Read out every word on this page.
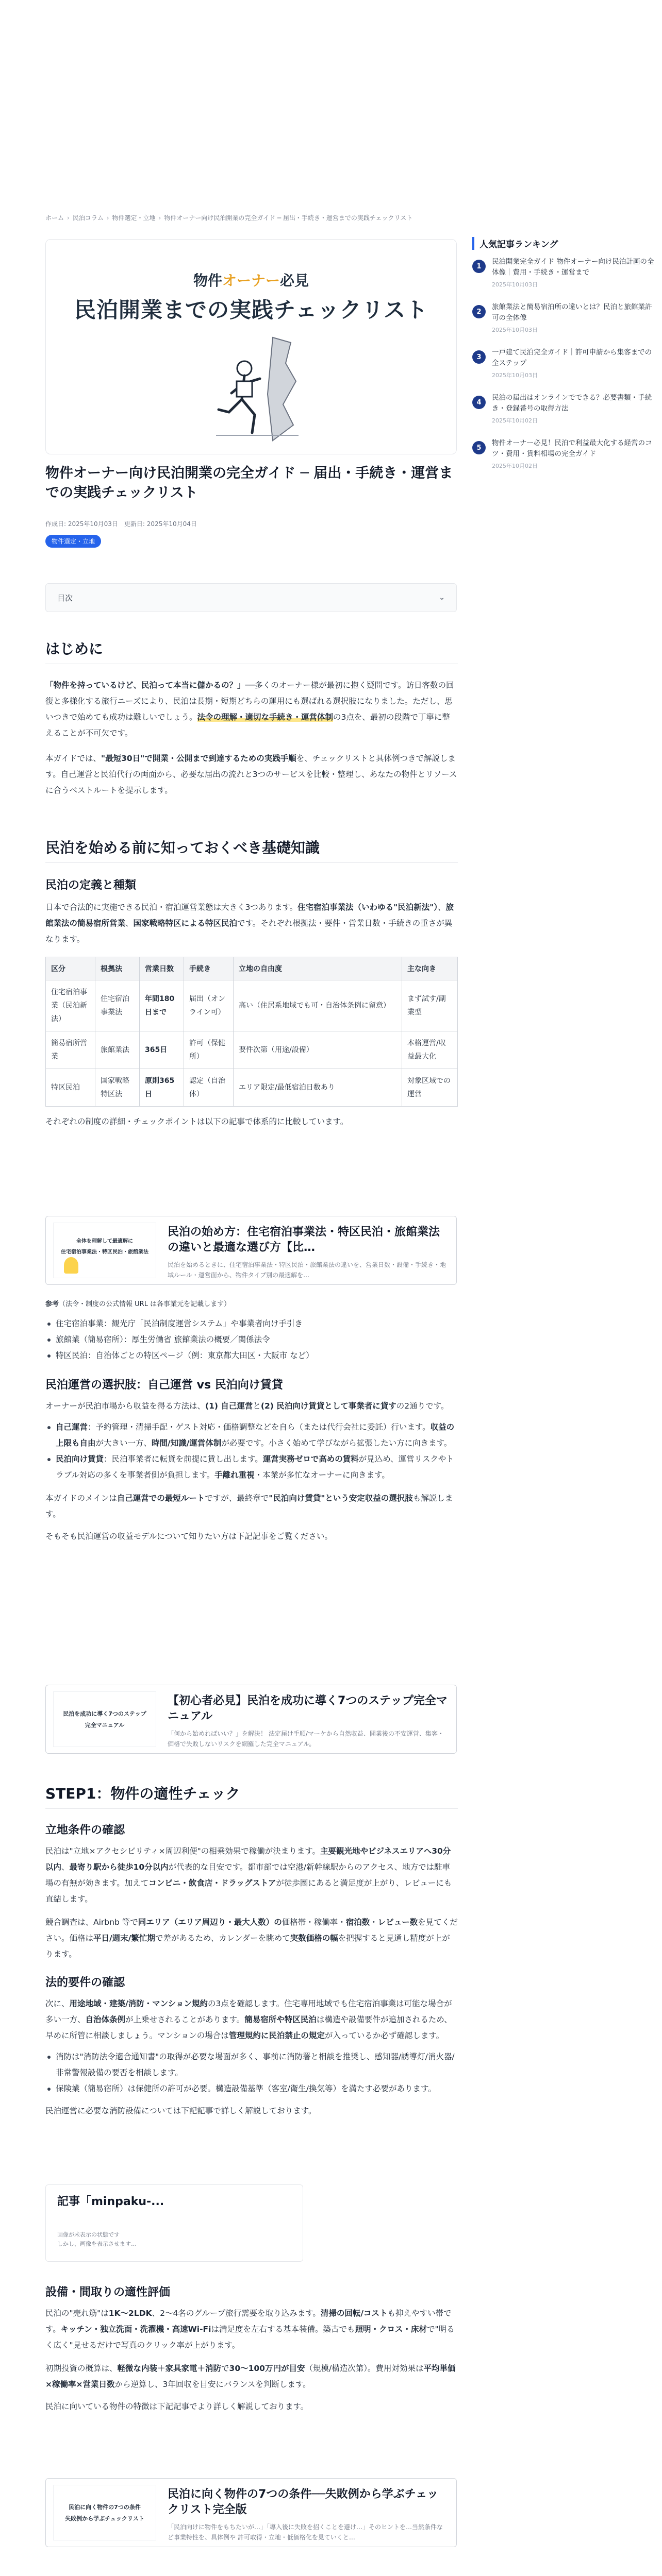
ホーム › 民泊コラム › 物件選定・立地 › 物件オーナー向け民泊開業の完全ガイド ─ 届出・手続き・運営までの実践チェックリスト
物件オーナー必見
民泊開業までの実践チェックリスト
物件オーナー向け民泊開業の完全ガイド ─ 届出・手続き・運営までの実践チェックリスト
作成日: 2025年10月03日　更新日: 2025年10月04日
物件選定・立地
目次	⌄
はじめに

「物件を持っているけど、民泊って本当に儲かるの？」──多くのオーナー様が最初に抱く疑問です。訪日客数の回復と多様化する旅行ニーズにより、民泊は長期・短期どちらの運用にも選ばれる選択肢になりました。ただし、思いつきで始めても成功は難しいでしょう。法令の理解・適切な手続き・運営体制の3点を、最初の段階で丁寧に整えることが不可欠です。

本ガイドでは、"最短30日"で開業・公開まで到達するための実践手順を、チェックリストと具体例つきで解説します。自己運営と民泊代行の両面から、必要な届出の流れと3つのサービスを比較・整理し、あなたの物件とリソースに合うベストルートを提示します。

民泊を始める前に知っておくべき基礎知識
民泊の定義と種類

日本で合法的に実施できる民泊・宿泊運営業態は大きく3つあります。住宅宿泊事業法（いわゆる"民泊新法"）、旅館業法の簡易宿所営業、国家戦略特区による特区民泊です。それぞれ根拠法・要件・営業日数・手続きの重さが異なります。

区分	根拠法	営業日数	手続き	立地の自由度	主な向き
住宅宿泊事業（民泊新法）	住宅宿泊事業法	年間180日まで	届出（オンライン可）	高い（住居系地域でも可・自治体条例に留意）	まず試す/副業型
簡易宿所営業	旅館業法	365日	許可（保健所）	要件次第（用途/設備）	本格運営/収益最大化
特区民泊	国家戦略特区法	原則365日	認定（自治体）	エリア限定/最低宿泊日数あり	対象区域での運営

それぞれの制度の詳細・チェックポイントは以下の記事で体系的に比較しています。

全体を理解して最適解に
住宅宿泊事業法・特区民泊・旅館業法
民泊の始め方：住宅宿泊事業法・特区民泊・旅館業法の違いと最適な選び方【比…
民泊を始めるときに、住宅宿泊事業法・特区民泊・旅館業法の違いを、営業日数・設備・手続き・地域ルール・運営面から、物件タイプ別の最適解を…

参考（法令・制度の公式情報 URL は各事業元を記載します）

住宅宿泊事業：観光庁「民泊制度運営システム」や事業者向け手引き
旅館業（簡易宿所）：厚生労働省 旅館業法の概要／関係法令
特区民泊：自治体ごとの特区ページ（例：東京都大田区・大阪市 など）
民泊運営の選択肢：自己運営 vs 民泊向け賃貸

オーナーが民泊市場から収益を得る方法は、(1) 自己運営と(2) 民泊向け賃貸として事業者に貸すの2通りです。

自己運営：予約管理・清掃手配・ゲスト対応・価格調整などを自ら（または代行会社に委託）行います。収益の上限も自由が大きい一方、時間/知識/運営体制が必要です。小さく始めて学びながら拡張したい方に向きます。
民泊向け賃貸：民泊事業者に転貸を前提に賃し出します。運営実務ゼロで高めの賃料が見込め、運営リスクやトラブル対応の多くを事業者側が負担します。手離れ重視・本業が多忙なオーナーに向きます。

本ガイドのメインは自己運営での最短ルートですが、最終章で"民泊向け賃貸"という安定収益の選択肢も解説します。

そもそも民泊運営の収益モデルについて知りたい方は下記記事をご覧ください。

民泊を成功に導く7つのステップ
完全マニュアル
【初心者必見】民泊を成功に導く7つのステップ完全マニュアル
「何から始めればいい？」を解決！ 法定届け手順/マーケから自然収益、開業後の不安運営、集客・価格で失敗しないリスクを網羅した完全マニュアル。
STEP1：物件の適性チェック
立地条件の確認

民泊は"立地×アクセシビリティ×周辺利便"の相乗効果で稼働が決まります。主要観光地やビジネスエリアへ30分以内、最寄り駅から徒歩10分以内が代表的な目安です。都市部では空港/新幹線駅からのアクセス、地方では駐車場の有無が効きます。加えてコンビニ・飲食店・ドラッグストアが徒歩圏にあると満足度が上がり、レビューにも直結します。

競合調査は、Airbnb 等で同エリア（エリア周辺り・最大人数）の価格帯・稼働率・宿泊数・レビュー数を見てください。価格は平日/週末/繁忙期で差があるため、カレンダーを眺めて実数価格の幅を把握すると見通し精度が上がります。

法的要件の確認

次に、用途地域・建築/消防・マンション規約の3点を確認します。住宅専用地域でも住宅宿泊事業は可能な場合が多い一方、自治体条例が上乗せされることがあります。簡易宿所や特区民泊は構造や設備要件が追加されるため、早めに所管に相談しましょう。マンションの場合は管理規約に民泊禁止の規定が入っているか必ず確認します。

消防は"消防法令適合通知書"の取得が必要な場面が多く、事前に消防署と相談を推奨し、感知器/誘導灯/消火器/非常警報設備の要否を相談します。
保険業（簡易宿所）は保健所の許可が必要。構造設備基準（客室/衛生/換気等）を満たす必要があります。

民泊運営に必要な消防設備については下記記事で詳しく解説しております。

記事「minpaku-...
画像が未表示の状態です
しかし、画像を表示させます…
設備・間取りの適性評価

民泊の"売れ筋"は1K〜2LDK、2〜4名のグループ旅行需要を取り込みます。清掃の回転/コストも抑えやすい帯です。キッチン・独立洗面・洗濯機・高速Wi-Fiは満足度を左右する基本装備。築古でも照明・クロス・床材で"明るく広く"見せるだけで写真のクリック率が上がります。

初期投資の概算は、軽微な内装＋家具家電＋消防で30〜100万円が目安（規模/構造次第）。費用対効果は平均単価×稼働率×営業日数から逆算し、3年回収を目安にバランスを判断します。

民泊に向いている物件の特徴は下記記事でより詳しく解説しております。

民泊に向く物件の7つの条件
失敗例から学ぶチェックリスト
民泊に向く物件の7つの条件──失敗例から学ぶチェックリスト完全版
「民泊向けに物件をもちたいが…」「導入後に失敗を招くことを避け…」そのヒントを…当然条件など事業特性を、具体例や 許可取得・立地・低価格化を見ていくと…

人気記事ランキング
1
民泊開業完全ガイド 物件オーナー向け民泊計画の全体像｜費用・手続き・運営まで
2025年10月03日
2
旅館業法と簡易宿泊所の違いとは？民泊と旅館業許可の全体像
2025年10月03日
3
一戸建て民泊完全ガイド｜許可申請から集客までの全ステップ
2025年10月03日
4
民泊の届出はオンラインでできる？必要書類・手続き・登録番号の取得方法
2025年10月02日
5
物件オーナー必見！民泊で利益最大化する経営のコツ・費用・賃料相場の完全ガイド
2025年10月02日
